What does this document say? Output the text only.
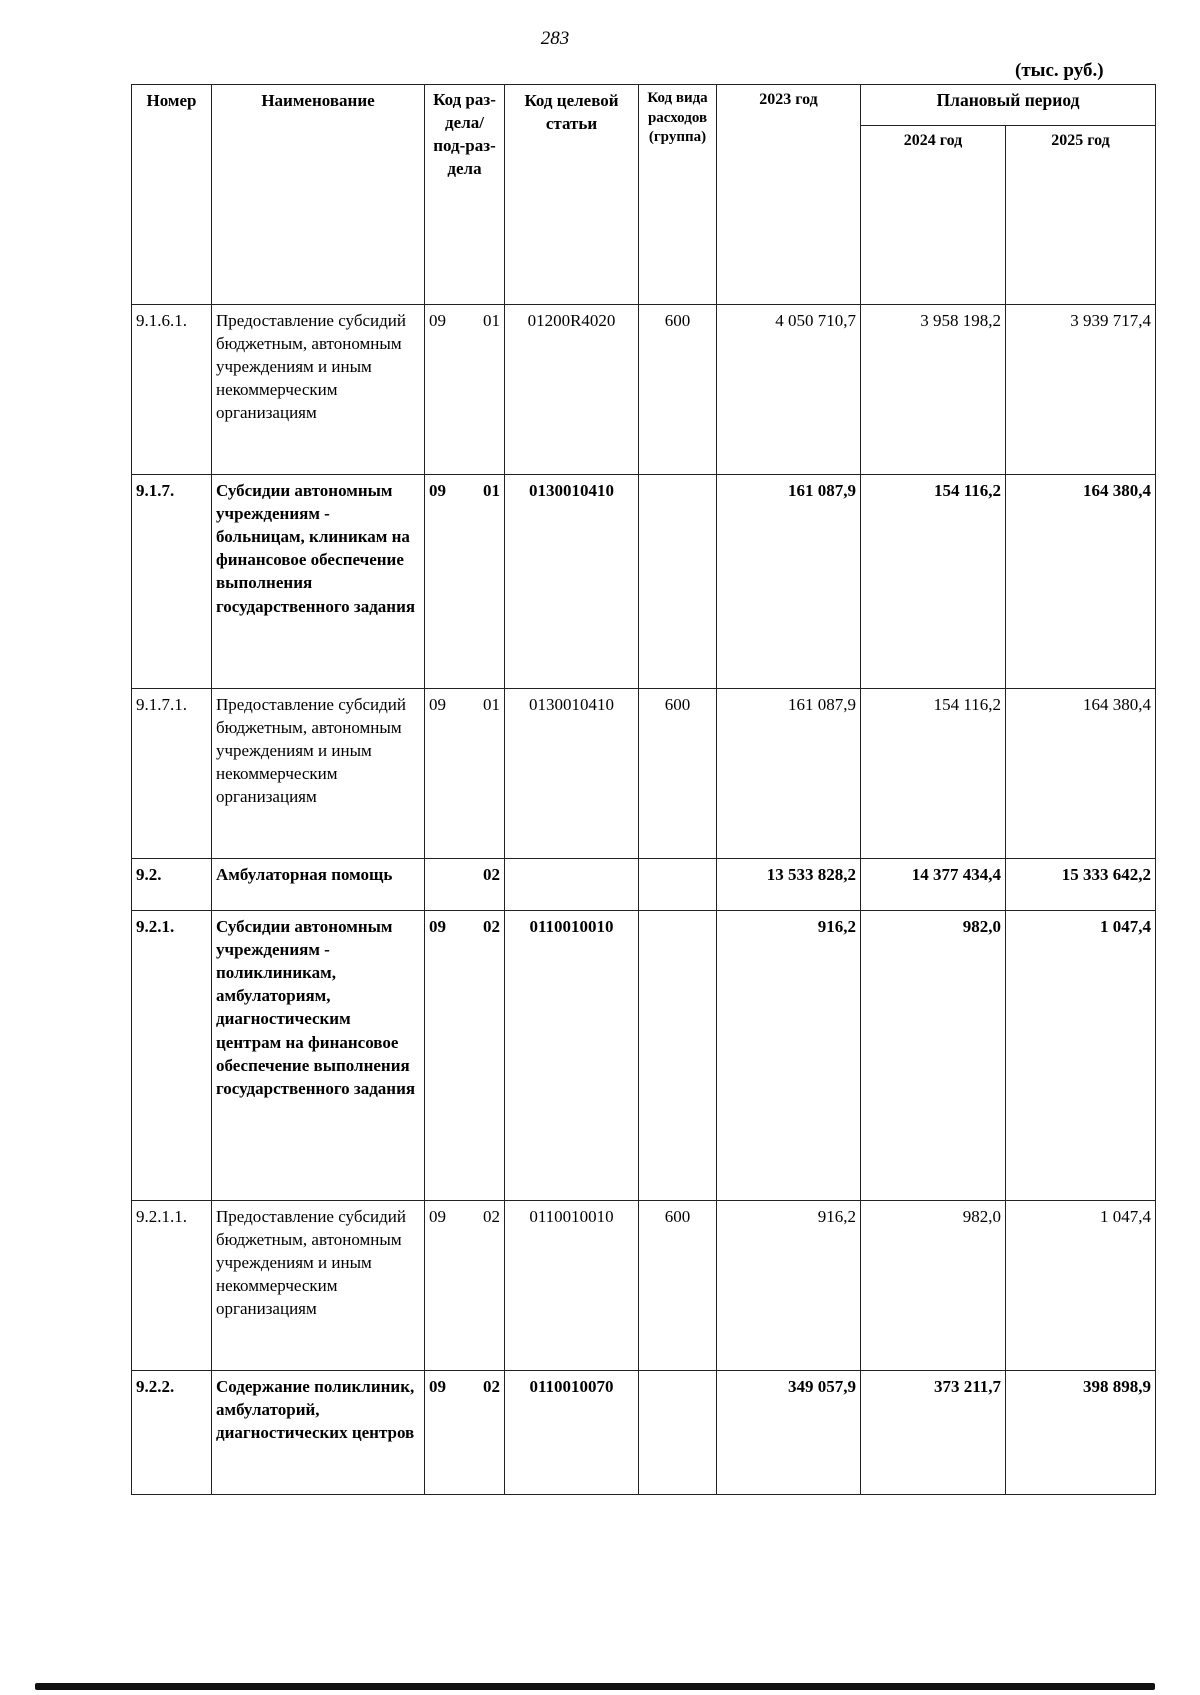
283
(тыс. руб.)
Номер	Наименование	Код раз-дела/ под-раз-дела	Код целевой статьи	Код вида расходов (группа)	2023 год	Плановый период	
						2024 год	2025 год
9.1.6.1.	Предоставление субсидий бюджетным, автономным учреждениям и иным некоммерческим организациям	09 01	01200R4020	600	4 050 710,7	3 958 198,2	3 939 717,4
9.1.7.	Субсидии автономным учреждениям - больницам, клиникам на финансовое обеспечение выполнения государственного задания	09 01	0130010410		161 087,9	154 116,2	164 380,4
9.1.7.1.	Предоставление субсидий бюджетным, автономным учреждениям и иным некоммерческим организациям	09 01	0130010410	600	161 087,9	154 116,2	164 380,4
9.2.	Амбулаторная помощь	02			13 533 828,2	14 377 434,4	15 333 642,2
9.2.1.	Субсидии автономным учреждениям - поликлиникам, амбулаториям, диагностическим центрам на финансовое обеспечение выполнения государственного задания	09 02	0110010010		916,2	982,0	1 047,4
9.2.1.1.	Предоставление субсидий бюджетным, автономным учреждениям и иным некоммерческим организациям	09 02	0110010010	600	916,2	982,0	1 047,4
9.2.2.	Содержание поликлиник, амбулаторий, диагностических центров	09 02	0110010070		349 057,9	373 211,7	398 898,9
